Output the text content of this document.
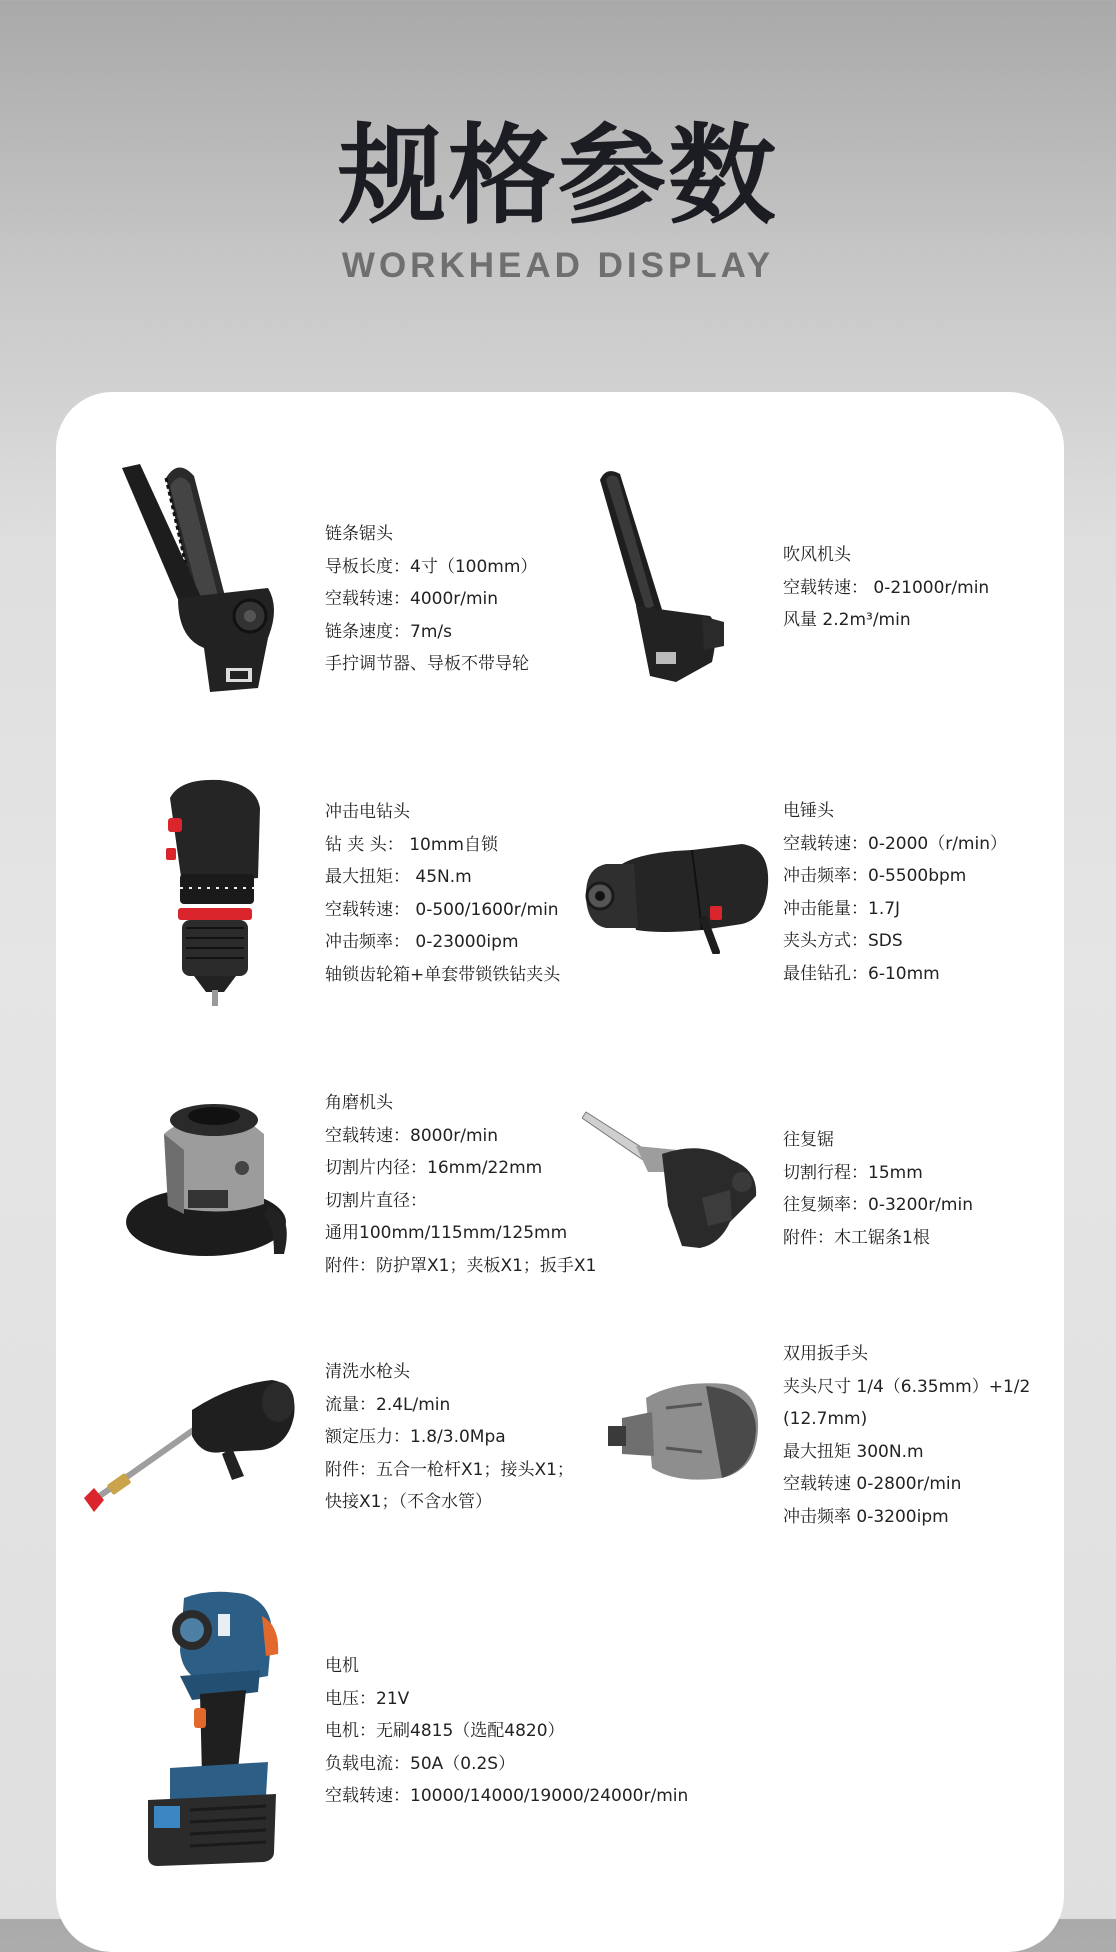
规格参数
WORKHEAD DISPLAY
链条锯头
导板长度：4寸（100mm）
空载转速：4000r/min
链条速度：7m/s
手拧调节器、导板不带导轮
吹风机头
空载转速： 0-21000r/min
风量 2.2m³/min
冲击电钻头
钻 夹 头： 10mm自锁
最大扭矩： 45N.m
空载转速： 0-500/1600r/min
冲击频率： 0-23000ipm
轴锁齿轮箱+单套带锁铁钻夹头
电锤头
空载转速：0-2000（r/min）
冲击频率：0-5500bpm
冲击能量：1.7J
夹头方式：SDS
最佳钻孔：6-10mm
角磨机头
空载转速：8000r/min
切割片内径：16mm/22mm
切割片直径：
通用100mm/115mm/125mm
附件：防护罩X1；夹板X1；扳手X1
往复锯
切割行程：15mm
往复频率：0-3200r/min
附件：木工锯条1根
清洗水枪头
流量：2.4L/min
额定压力：1.8/3.0Mpa
附件：五合一枪杆X1；接头X1；
快接X1；（不含水管）
双用扳手头
夹头尺寸 1/4（6.35mm）+1/2
(12.7mm)
最大扭矩 300N.m
空载转速 0-2800r/min
冲击频率 0-3200ipm
电机
电压：21V
电机：无刷4815（选配4820）
负载电流：50A（0.2S）
空载转速：10000/14000/19000/24000r/min
